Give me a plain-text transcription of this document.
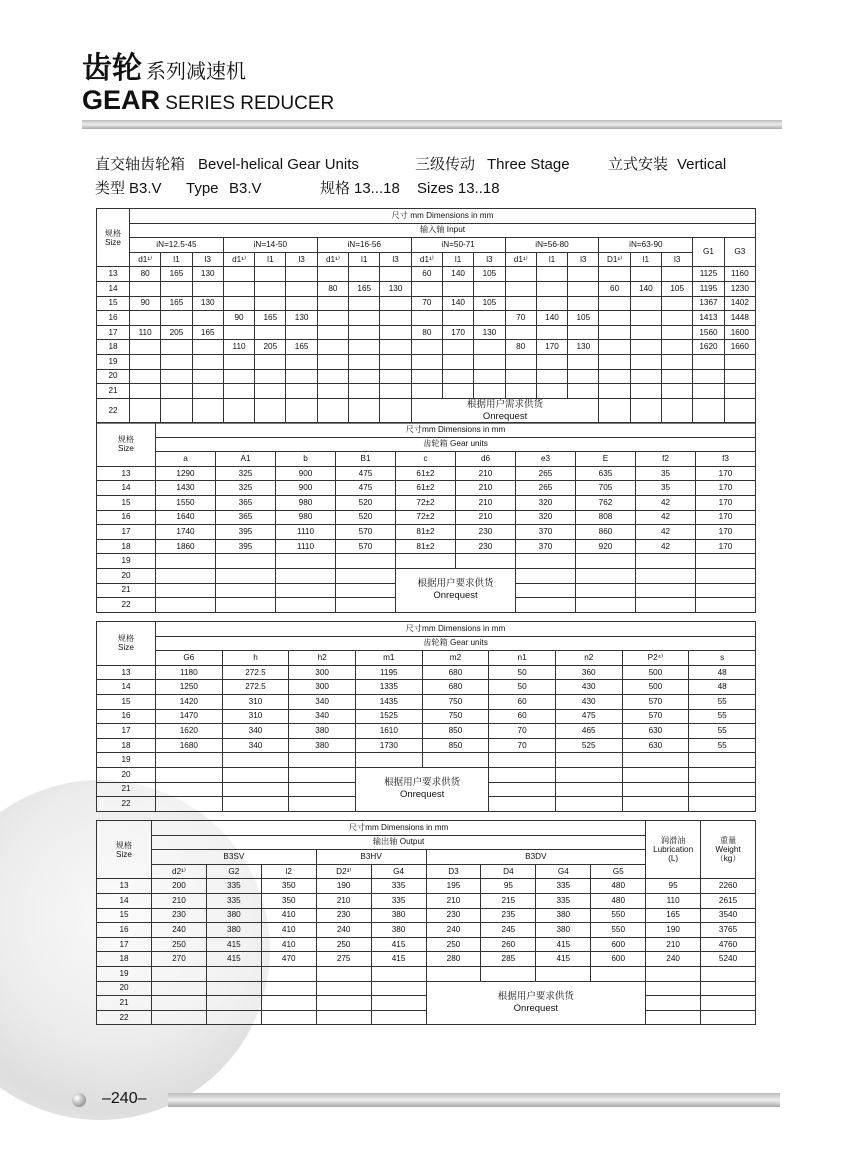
齿轮 系列减速机
GEAR SERIES REDUCER
直交轴齿轮箱 Bevel-helical Gear Units	三级传动 Three Stage	立式安装 Vertical
类型 B3.V Type B3.V	规格 13...18 Sizes 13..18
规格
Size	尺寸 mm Dimensions in mm																			
	输入轴 Input																			
	iN=12.5-45			iN=14-50			iN=16-56			iN=50-71			iN=56-80			iN=63-90			G1	G3
	d1¹⁾	l1	l3	d1¹⁾	l1	l3	d1¹⁾	l1	l3	d1¹⁾	l1	l3	d1¹⁾	l1	l3	D1¹⁾	l1	l3		
13	80	165	130							60	140	105							1125	1160
14							80	165	130							60	140	105	1195	1230
15	90	165	130							70	140	105							1367	1402
16				90	165	130							70	140	105				1413	1448
17	110	205	165							80	170	130							1560	1600
18				110	205	165							80	170	130				1620	1660
19																				
20																				
21																				
22										根据用户需求供货
Onrequest										
规格
Size	尺寸mm Dimensions in mm									
	齿轮箱 Gear units									
	a	A1	b	B1	c	d6	e3	E	f2	f3
13	1290	325	900	475	61±2	210	265	635	35	170
14	1430	325	900	475	61±2	210	265	705	35	170
15	1550	365	980	520	72±2	210	320	762	42	170
16	1640	365	980	520	72±2	210	320	808	42	170
17	1740	395	1110	570	81±2	230	370	860	42	170
18	1860	395	1110	570	81±2	230	370	920	42	170
19										
20					根据用户要求供货
Onrequest					
21										
22										
规格
Size	尺寸mm Dimensions in mm								
	齿轮箱 Gear units								
	G6	h	h2	m1	m2	n1	n2	P2⁴⁾	s
13	1180	272.5	300	1195	680	50	360	500	48
14	1250	272.5	300	1335	680	50	430	500	48
15	1420	310	340	1435	750	60	430	570	55
16	1470	310	340	1525	750	60	475	570	55
17	1620	340	380	1610	850	70	465	630	55
18	1680	340	380	1730	850	70	525	630	55
19									
20				根据用户要求供货
Onrequest					
21									
22									
规格
Size	尺寸mm Dimensions in mm									润滑油
Lubrication
(L)	重量
Weight
（kg）
	输出轴 Output										
	B3SV			B3HV		B3DV					
	d2¹⁾	G2	l2	D2³⁾	G4	D3	D4	G4	G5		
13	200	335	350	190	335	195	95	335	480	95	2260
14	210	335	350	210	335	210	215	335	480	110	2615
15	230	380	410	230	380	230	235	380	550	165	3540
16	240	380	410	240	380	240	245	380	550	190	3765
17	250	415	410	250	415	250	260	415	600	210	4760
18	270	415	470	275	415	280	285	415	600	240	5240
19											
20						根据用户要求供货
Onrequest					
21											
22											
–240–
